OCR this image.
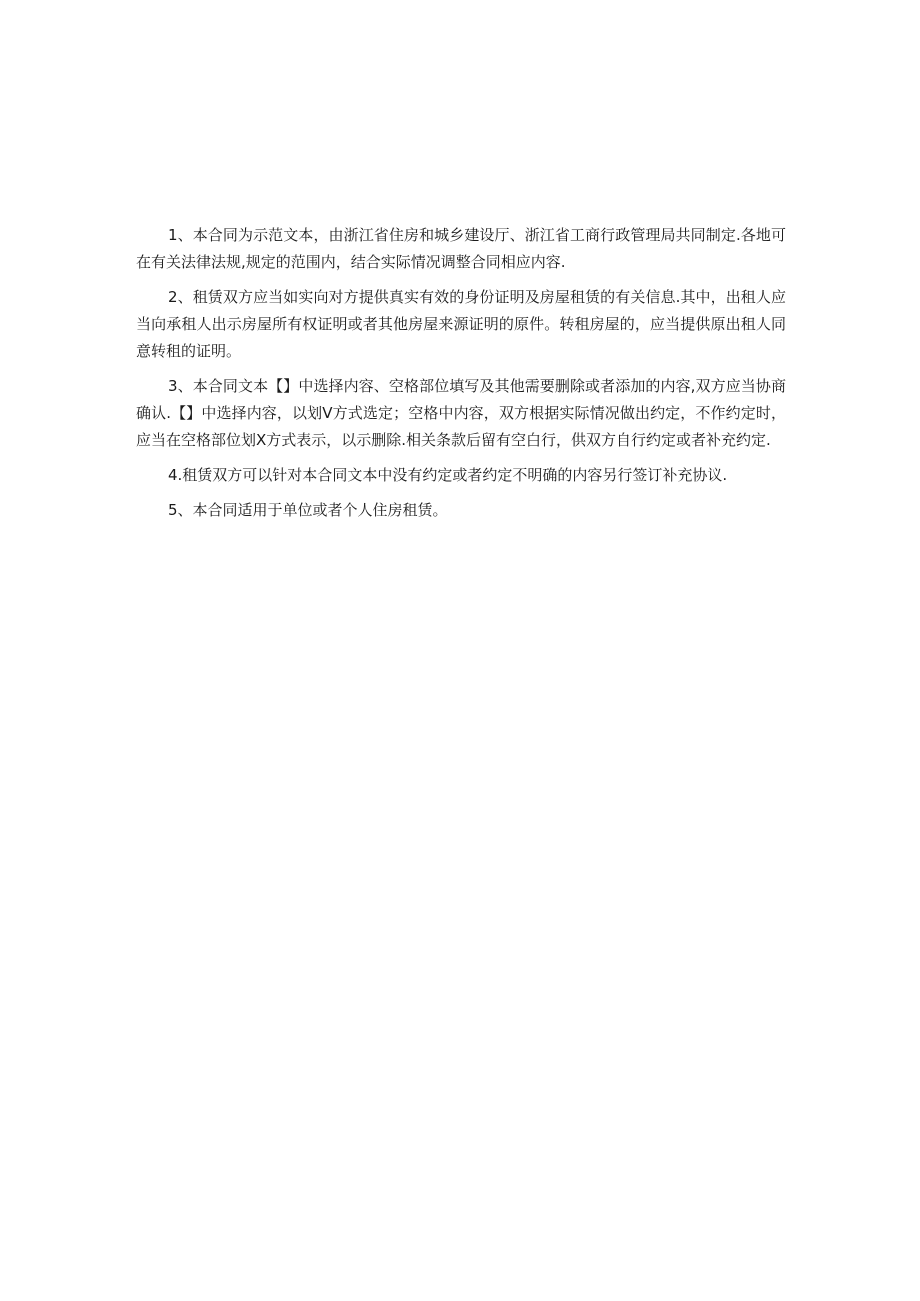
1、本合同为示范文本，由浙江省住房和城乡建设厅、浙江省工商行政管理局共同制定.各地可在有关法律法规,规定的范围内，结合实际情况调整合同相应内容.

2、租赁双方应当如实向对方提供真实有效的身份证明及房屋租赁的有关信息.其中，出租人应当向承租人出示房屋所有权证明或者其他房屋来源证明的原件。转租房屋的，应当提供原出租人同意转租的证明。

3、本合同文本【】中选择内容、空格部位填写及其他需要删除或者添加的内容,双方应当协商确认.【】中选择内容，以划V方式选定；空格中内容，双方根据实际情况做出约定，不作约定时，应当在空格部位划X方式表示，以示删除.相关条款后留有空白行，供双方自行约定或者补充约定.

4.租赁双方可以针对本合同文本中没有约定或者约定不明确的内容另行签订补充协议.

5、本合同适用于单位或者个人住房租赁。
